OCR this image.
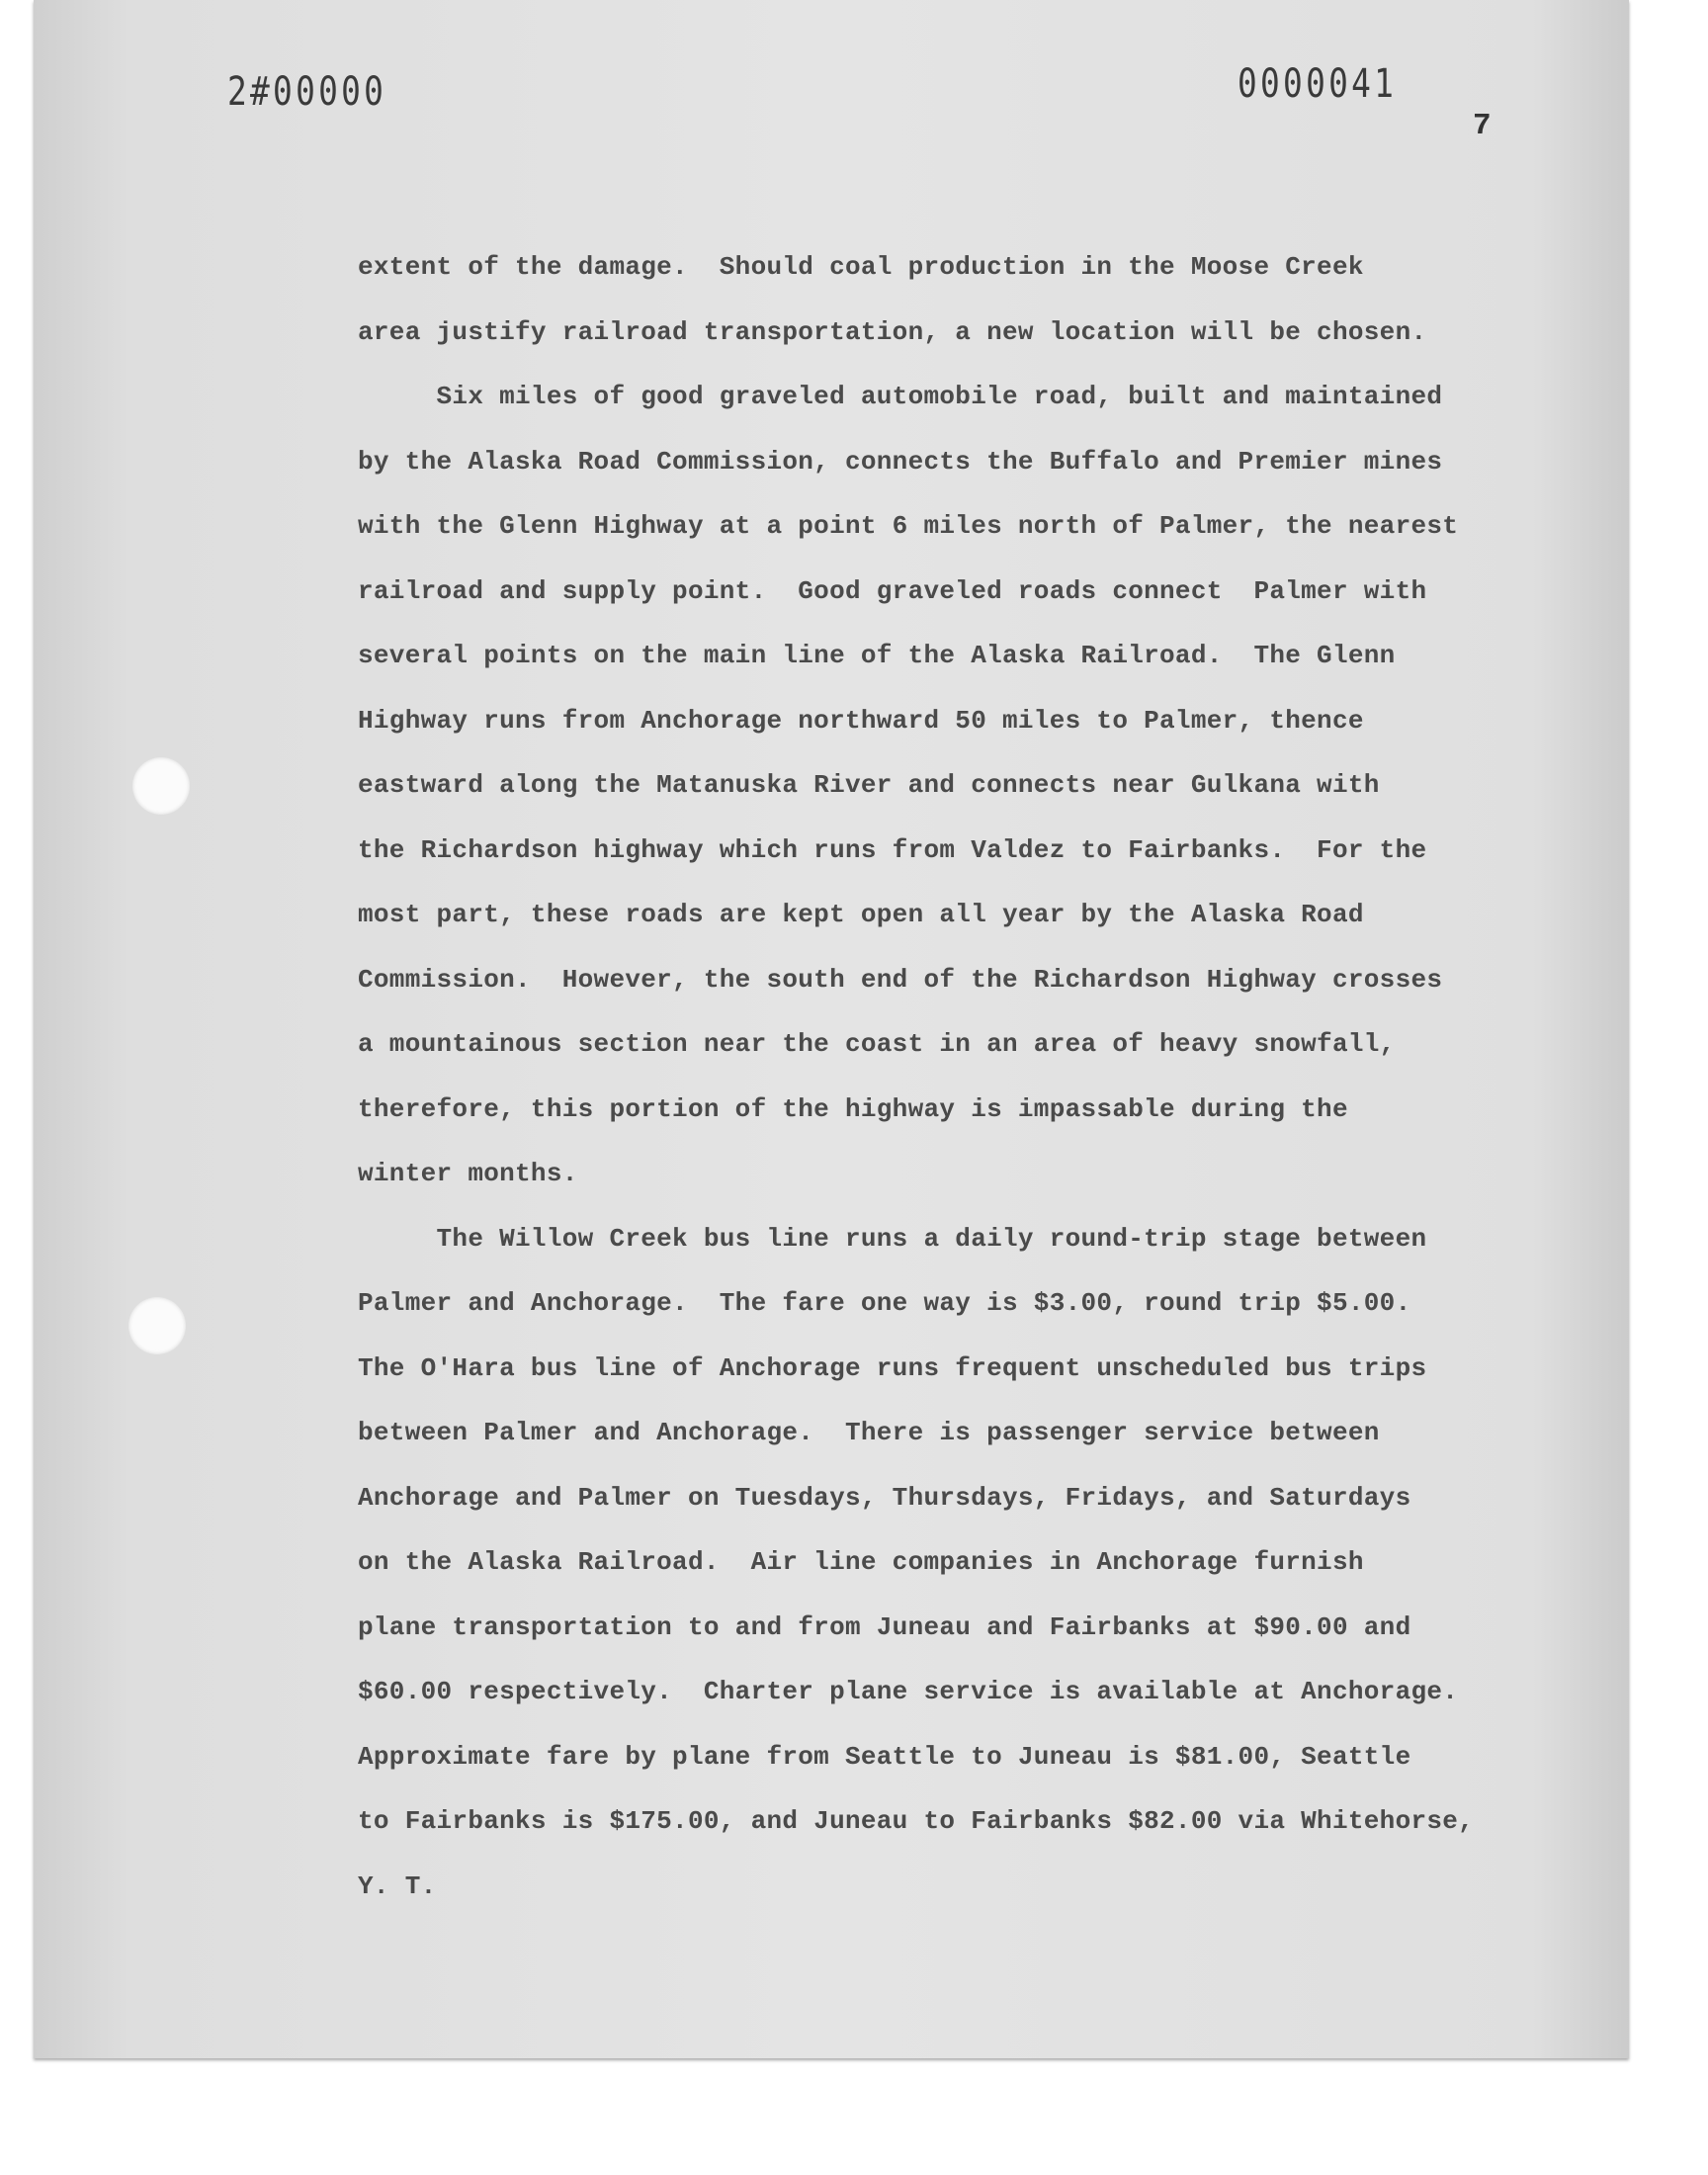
2#00000	0000041
7
extent of the damage.  Should coal production in the Moose Creek
area justify railroad transportation, a new location will be chosen.
Six miles of good graveled automobile road, built and maintained
by the Alaska Road Commission, connects the Buffalo and Premier mines
with the Glenn Highway at a point 6 miles north of Palmer, the nearest
railroad and supply point.  Good graveled roads connect  Palmer with
several points on the main line of the Alaska Railroad.  The Glenn
Highway runs from Anchorage northward 50 miles to Palmer, thence
eastward along the Matanuska River and connects near Gulkana with
the Richardson highway which runs from Valdez to Fairbanks.  For the
most part, these roads are kept open all year by the Alaska Road
Commission.  However, the south end of the Richardson Highway crosses
a mountainous section near the coast in an area of heavy snowfall,
therefore, this portion of the highway is impassable during the
winter months.
The Willow Creek bus line runs a daily round-trip stage between
Palmer and Anchorage.  The fare one way is $3.00, round trip $5.00.
The O'Hara bus line of Anchorage runs frequent unscheduled bus trips
between Palmer and Anchorage.  There is passenger service between
Anchorage and Palmer on Tuesdays, Thursdays, Fridays, and Saturdays
on the Alaska Railroad.  Air line companies in Anchorage furnish
plane transportation to and from Juneau and Fairbanks at $90.00 and
$60.00 respectively.  Charter plane service is available at Anchorage.
Approximate fare by plane from Seattle to Juneau is $81.00, Seattle
to Fairbanks is $175.00, and Juneau to Fairbanks $82.00 via Whitehorse,
Y. T.
